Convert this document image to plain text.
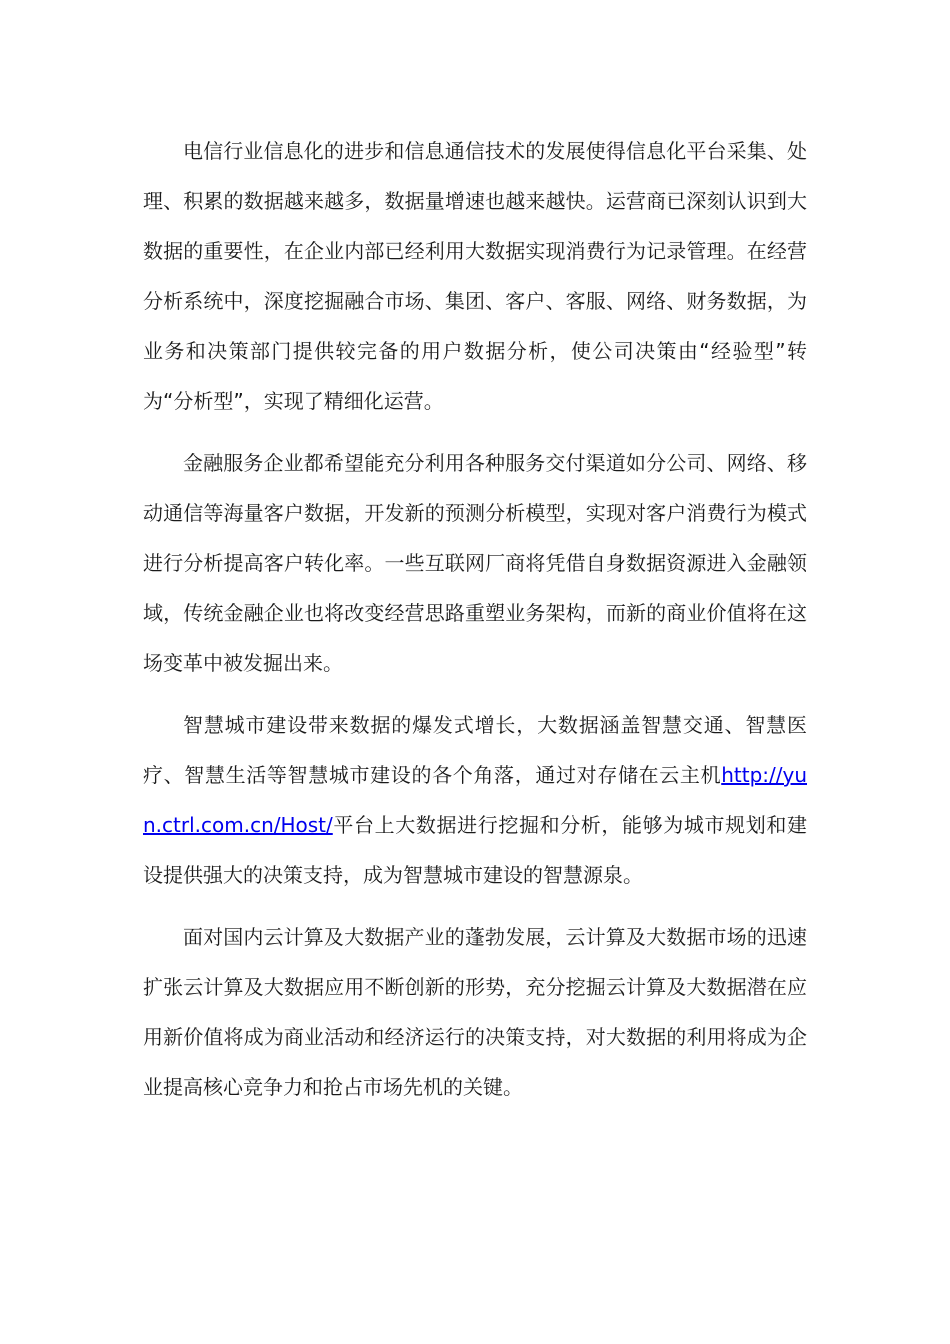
电信行业信息化的进步和信息通信技术的发展使得信息化平台采集、处理、积累的数据越来越多，数据量增速也越来越快。运营商已深刻认识到大数据的重要性，在企业内部已经利用大数据实现消费行为记录管理。在经营分析系统中，深度挖掘融合市场、集团、客户、客服、网络、财务数据，为业务和决策部门提供较完备的用户数据分析，使公司决策由“经验型”转为“分析型”，实现了精细化运营。

金融服务企业都希望能充分利用各种服务交付渠道如分公司、网络、移动通信等海量客户数据，开发新的预测分析模型，实现对客户消费行为模式进行分析提高客户转化率。一些互联网厂商将凭借自身数据资源进入金融领域，传统金融企业也将改变经营思路重塑业务架构，而新的商业价值将在这场变革中被发掘出来。

智慧城市建设带来数据的爆发式增长，大数据涵盖智慧交通、智慧医疗、智慧生活等智慧城市建设的各个角落，通过对存储在云主机http://yun.ctrl.com.cn/Host/平台上大数据进行挖掘和分析，能够为城市规划和建设提供强大的决策支持，成为智慧城市建设的智慧源泉。

面对国内云计算及大数据产业的蓬勃发展，云计算及大数据市场的迅速扩张云计算及大数据应用不断创新的形势，充分挖掘云计算及大数据潜在应用新价值将成为商业活动和经济运行的决策支持，对大数据的利用将成为企业提高核心竞争力和抢占市场先机的关键。
